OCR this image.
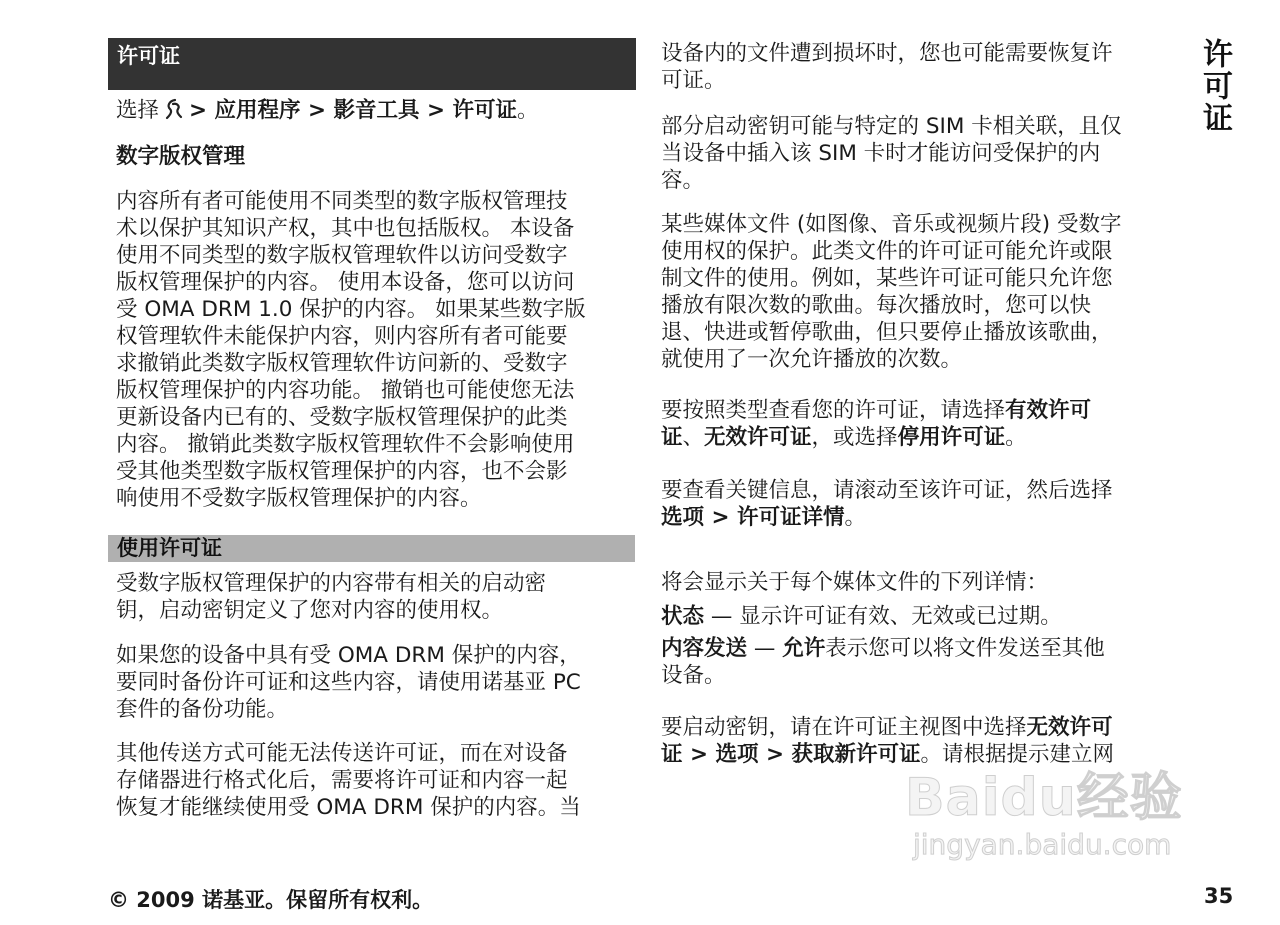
许可证

选择 > 应用程序 > 影音工具 > 许可证。

数字版权管理

内容所有者可能使用不同类型的数字版权管理技

术以保护其知识产权，其中也包括版权。 本设备

使用不同类型的数字版权管理软件以访问受数字

版权管理保护的内容。 使用本设备，您可以访问

受 OMA DRM 1.0 保护的内容。 如果某些数字版

权管理软件未能保护内容，则内容所有者可能要

求撤销此类数字版权管理软件访问新的、受数字

版权管理保护的内容功能。 撤销也可能使您无法

更新设备内已有的、受数字版权管理保护的此类

内容。 撤销此类数字版权管理软件不会影响使用

受其他类型数字版权管理保护的内容，也不会影

响使用不受数字版权管理保护的内容。

使用许可证

受数字版权管理保护的内容带有相关的启动密

钥，启动密钥定义了您对内容的使用权。

如果您的设备中具有受 OMA DRM 保护的内容，

要同时备份许可证和这些内容，请使用诺基亚 PC

套件的备份功能。

其他传送方式可能无法传送许可证，而在对设备

存储器进行格式化后，需要将许可证和内容一起

恢复才能继续使用受 OMA DRM 保护的内容。当

设备内的文件遭到损坏时，您也可能需要恢复许

可证。

部分启动密钥可能与特定的 SIM 卡相关联，且仅

当设备中插入该 SIM 卡时才能访问受保护的内

容。

某些媒体文件 (如图像、音乐或视频片段) 受数字

使用权的保护。此类文件的许可证可能允许或限

制文件的使用。例如，某些许可证可能只允许您

播放有限次数的歌曲。每次播放时，您可以快

退、快进或暂停歌曲，但只要停止播放该歌曲，

就使用了一次允许播放的次数。

要按照类型查看您的许可证，请选择有效许可

证、无效许可证，或选择停用许可证。

要查看关键信息，请滚动至该许可证，然后选择

选项 > 许可证详情。

将会显示关于每个媒体文件的下列详情：

状态 — 显示许可证有效、无效或已过期。

内容发送 — 允许表示您可以将文件发送至其他

设备。

要启动密钥，请在许可证主视图中选择无效许可

证 > 选项 > 获取新许可证。请根据提示建立网

许可证
Baidu经验
jingyan.baidu.com
© 2009 诺基亚。保留所有权利。	35
